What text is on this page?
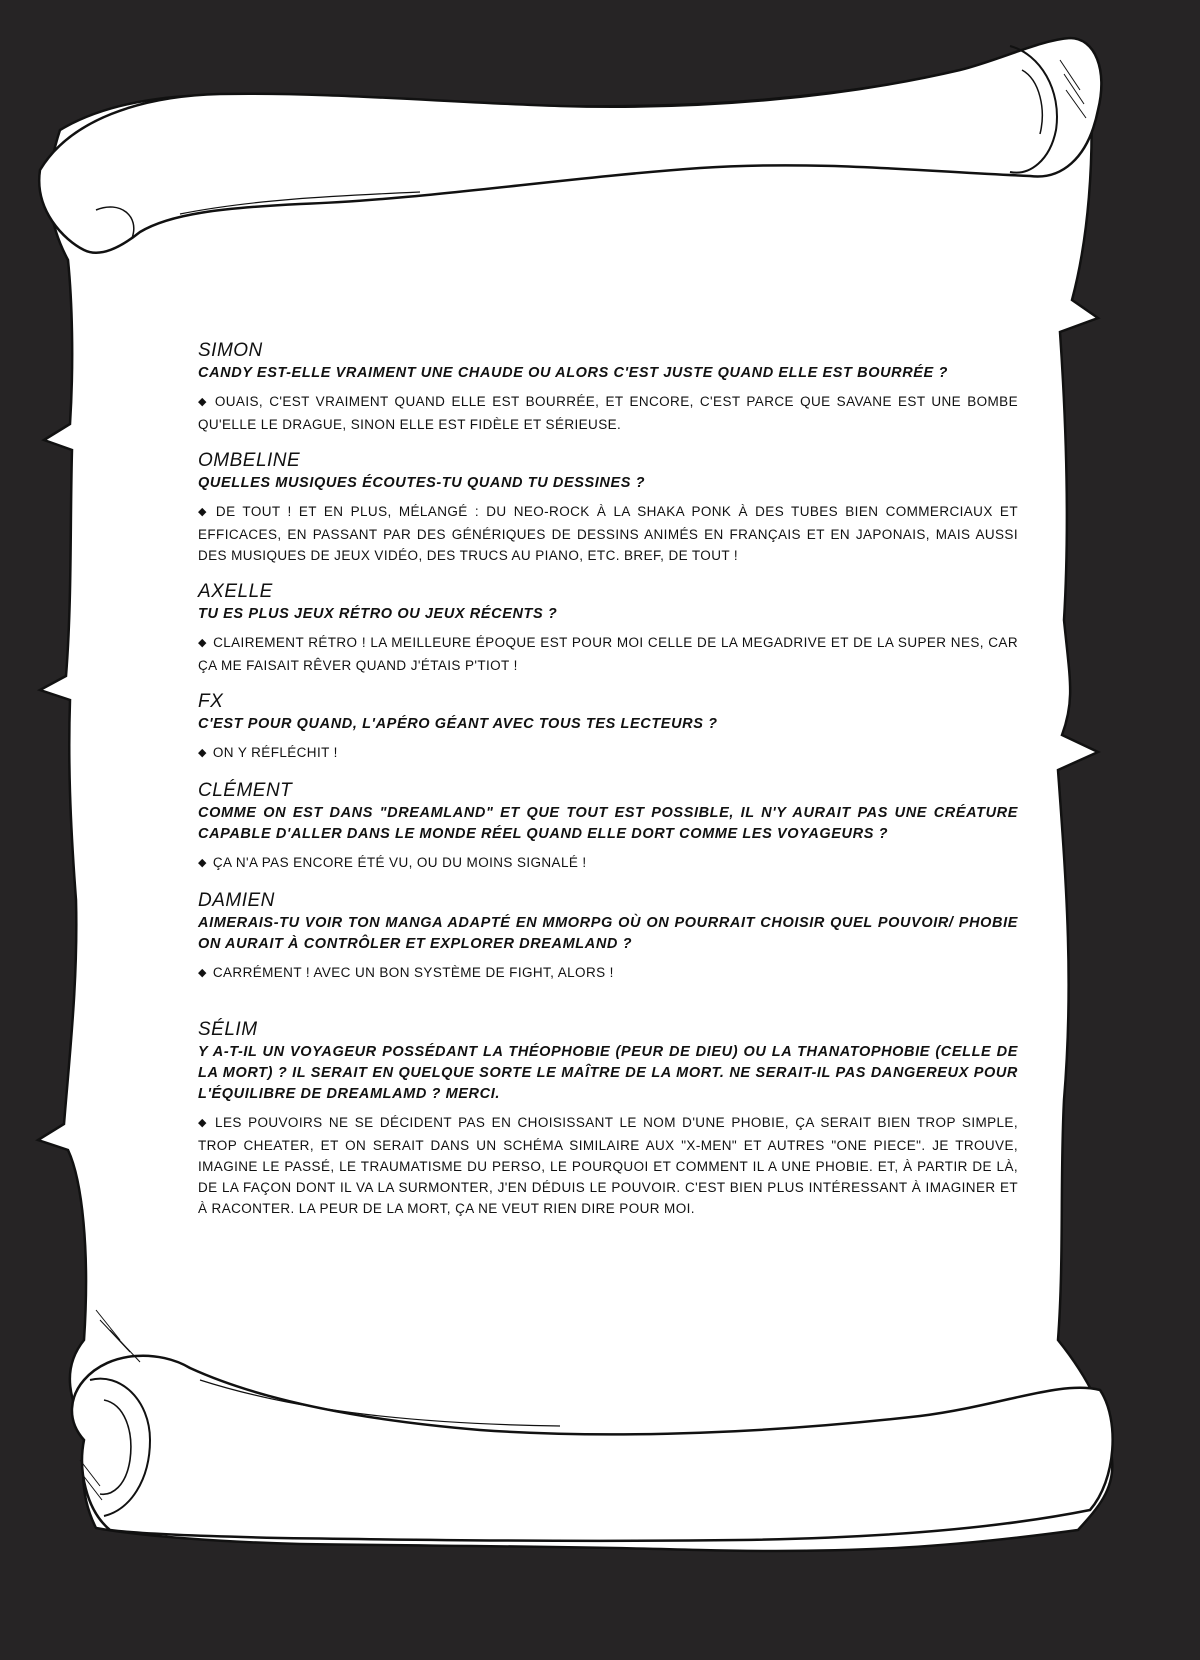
SIMON
CANDY EST-ELLE VRAIMENT UNE CHAUDE OU ALORS C'EST JUSTE QUAND ELLE EST BOURRÉE ?
◆ OUAIS, C'EST VRAIMENT QUAND ELLE EST BOURRÉE, ET ENCORE, C'EST PARCE QUE SAVANE EST UNE BOMBE QU'ELLE LE DRAGUE, SINON ELLE EST FIDÈLE ET SÉRIEUSE.
OMBELINE
QUELLES MUSIQUES ÉCOUTES-TU QUAND TU DESSINES ?
◆ DE TOUT ! ET EN PLUS, MÉLANGÉ : DU NEO-ROCK À LA SHAKA PONK À DES TUBES BIEN COMMERCIAUX ET EFFICACES, EN PASSANT PAR DES GÉNÉRIQUES DE DESSINS ANIMÉS EN FRANÇAIS ET EN JAPONAIS, MAIS AUSSI DES MUSIQUES DE JEUX VIDÉO, DES TRUCS AU PIANO, ETC. BREF, DE TOUT !
AXELLE
TU ES PLUS JEUX RÉTRO OU JEUX RÉCENTS ?
◆ CLAIREMENT RÉTRO ! LA MEILLEURE ÉPOQUE EST POUR MOI CELLE DE LA MEGADRIVE ET DE LA SUPER NES, CAR ÇA ME FAISAIT RÊVER QUAND J'ÉTAIS P'TIOT !
FX
C'EST POUR QUAND, L'APÉRO GÉANT AVEC TOUS TES LECTEURS ?
◆ ON Y RÉFLÉCHIT !
CLÉMENT
COMME ON EST DANS "DREAMLAND" ET QUE TOUT EST POSSIBLE, IL N'Y AURAIT PAS UNE CRÉATURE CAPABLE D'ALLER DANS LE MONDE RÉEL QUAND ELLE DORT COMME LES VOYAGEURS ?
◆ ÇA N'A PAS ENCORE ÉTÉ VU, OU DU MOINS SIGNALÉ !
DAMIEN
AIMERAIS-TU VOIR TON MANGA ADAPTÉ EN MMORPG OÙ ON POURRAIT CHOISIR QUEL POUVOIR/ PHOBIE ON AURAIT À CONTRÔLER ET EXPLORER DREAMLAND ?
◆ CARRÉMENT ! AVEC UN BON SYSTÈME DE FIGHT, ALORS !
SÉLIM
Y A-T-IL UN VOYAGEUR POSSÉDANT LA THÉOPHOBIE (PEUR DE DIEU) OU LA THANATOPHOBIE (CELLE DE LA MORT) ? IL SERAIT EN QUELQUE SORTE LE MAÎTRE DE LA MORT. NE SERAIT-IL PAS DANGEREUX POUR L'ÉQUILIBRE DE DREAMLAMD ? MERCI.
◆ LES POUVOIRS NE SE DÉCIDENT PAS EN CHOISISSANT LE NOM D'UNE PHOBIE, ÇA SERAIT BIEN TROP SIMPLE, TROP CHEATER, ET ON SERAIT DANS UN SCHÉMA SIMILAIRE AUX "X-MEN" ET AUTRES "ONE PIECE". JE TROUVE, IMAGINE LE PASSÉ, LE TRAUMATISME DU PERSO, LE POURQUOI ET COMMENT IL A UNE PHOBIE. ET, À PARTIR DE LÀ, DE LA FAÇON DONT IL VA LA SURMONTER, J'EN DÉDUIS LE POUVOIR. C'EST BIEN PLUS INTÉRESSANT À IMAGINER ET À RACONTER. LA PEUR DE LA MORT, ÇA NE VEUT RIEN DIRE POUR MOI.
